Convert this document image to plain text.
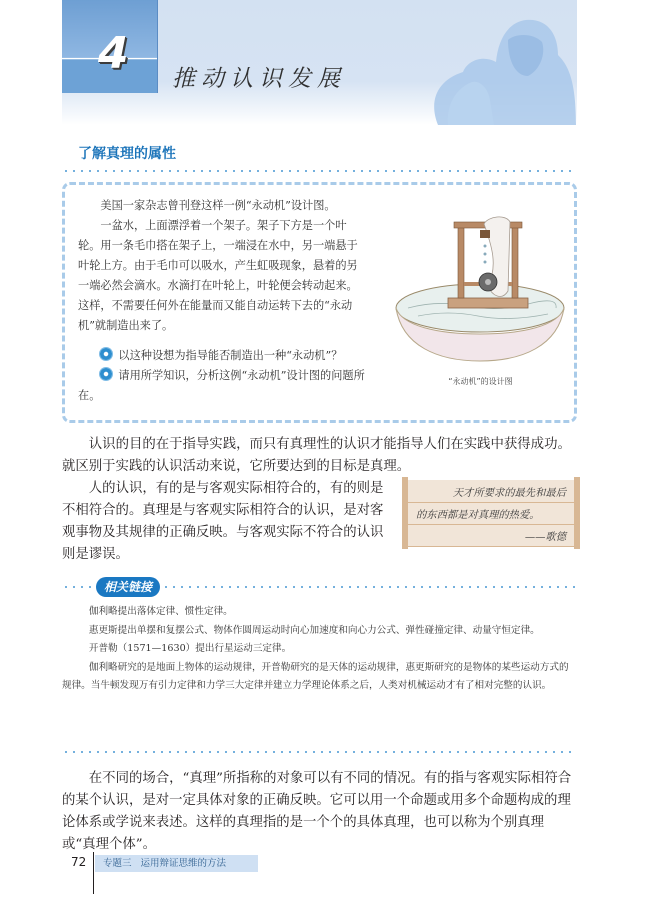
4 推动认识发展
了解真理的属性

美国一家杂志曾刊登这样一例“永动机”设计图。

一盆水，上面漂浮着一个架子。架子下方是一个叶轮。用一条毛巾搭在架子上，一端浸在水中，另一端悬于叶轮上方。由于毛巾可以吸水，产生虹吸现象，悬着的另一端必然会滴水。水滴打在叶轮上，叶轮便会转动起来。这样，不需要任何外在能量而又能自动运转下去的“永动机”就制造出来了。

以这种设想为指导能否制造出一种“永动机”？
请用所学知识，分析这例“永动机”设计图的问题所在。
“永动机”的设计图

认识的目的在于指导实践，而只有真理性的认识才能指导人们在实践中获得成功。就区别于实践的认识活动来说，它所要达到的目标是真理。

人的认识，有的是与客观实际相符合的，有的则是不相符合的。真理是与客观实际相符合的认识，是对客观事物及其规律的正确反映。与客观实际不符合的认识则是谬误。

天才所要求的最先和最后
的东西都是对真理的热爱。
——歌德
相关链接

伽利略提出落体定律、惯性定律。

惠更斯提出单摆和复摆公式、物体作圆周运动时向心加速度和向心力公式、弹性碰撞定律、动量守恒定律。

开普勒（1571—1630）提出行星运动三定律。

伽利略研究的是地面上物体的运动规律，开普勒研究的是天体的运动规律，惠更斯研究的是物体的某些运动方式的规律。当牛顿发现万有引力定律和力学三大定律并建立力学理论体系之后，人类对机械运动才有了相对完整的认识。

在不同的场合，“真理”所指称的对象可以有不同的情况。有的指与客观实际相符合的某个认识，是对一定具体对象的正确反映。它可以用一个命题或用多个命题构成的理论体系或学说来表述。这样的真理指的是一个个的具体真理，也可以称为个别真理或“真理个体”。

72	专题三   运用辩证思维的方法
